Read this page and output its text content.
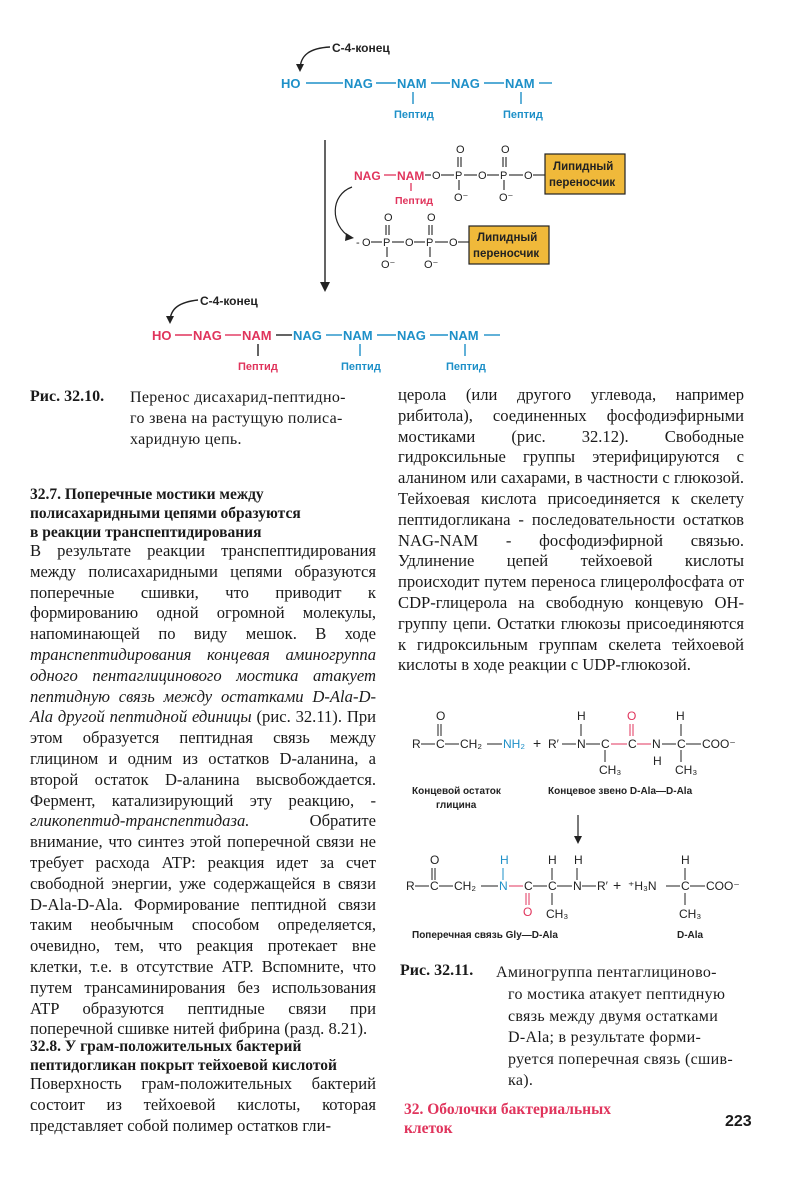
C-4-конец
HO	NAG NAM NAG NAM
Пептид	Пептид
NAG NAM
Пептид
O P O P O
O	O
O⁻	O⁻
Липидный
переносчик
- O P O P O
O	O
O⁻	O⁻
Липидный
переносчик
C-4-конец
HO NAG NAM NAG NAM NAG NAM
Пептид	Пептид	Пептид
Рис. 32.10. Перенос дисахарид-пептидно-
го звена на растущую полиса-
харидную цепь.
32.7. Поперечные мостики между
полисахаридными цепями образуются
в реакции транспептидирования

В результате реакции транспептидирования между полисахаридными цепями образуются поперечные сшивки, что приводит к формированию одной огромной молекулы, напоминающей по виду мешок. В ходе транспептидирования концевая аминогруппа одного пентаглицинового мостика атакует пептидную связь между остатками D-Ala-D-Ala другой пептидной единицы (рис. 32.11). При этом образуется пептидная связь между глицином и одним из остатков D-аланина, а второй остаток D-аланина высвобождается. Фермент, катализирующий эту реакцию, - гликопептид-транспептидаза. Обратите внимание, что синтез этой поперечной связи не требует расхода ATP: реакция идет за счет свободной энергии, уже содержащейся в связи D-Ala-D-Ala. Формирование пептидной связи таким необычным способом определяется, очевидно, тем, что реакция протекает вне клетки, т.е. в отсутствие ATP. Вспомните, что путем трансаминирования без использования ATP образуются пептидные связи при поперечной сшивке нитей фибрина (разд. 8.21).

32.8. У грам-положительных бактерий
пептидогликан покрыт тейхоевой кислотой
Поверхность грам-положительных бактерий состоит из тейхоевой кислоты, которая представляет собой полимер остатков гли-
церола (или другого углевода, например рибитола), соединенных фосфодиэфирными мостиками (рис. 32.12). Свободные гидроксильные группы этерифицируются с аланином или сахарами, в частности с глюкозой. Тейхоевая кислота присоединяется к скелету пептидогликана - последовательности остатков NAG-NAM - фосфодиэфирной связью. Удлинение цепей тейхоевой кислоты происходит путем переноса глицеролфосфата от CDP-глицерола на свободную концевую OH-группу цепи. Остатки глюкозы присоединяются к гидроксильным группам скелета тейхоевой кислоты в ходе реакции с UDP-глюкозой.
R C
O
CH₂ NH₂ + R′ N
H
C
CH₃
C
O
N
H
H
C
CH₃
COO⁻
Концевой остаток
глицина
Концевое звено D-Ala—D-Ala
R C
O
CH₂ N
H
C
O
C
H
CH₃
N
H
R′ + ⁺H₃N C
H
CH₃
COO⁻
Поперечная связь Gly—D-Ala	D-Ala
Рис. 32.11. Аминогруппа пентаглициново-
го мостика атакует пептидную
связь между двумя остатками
D-Ala; в результате форми-
руется поперечная связь (сшив-
ка).
32. Оболочки бактериальных
клеток	223
